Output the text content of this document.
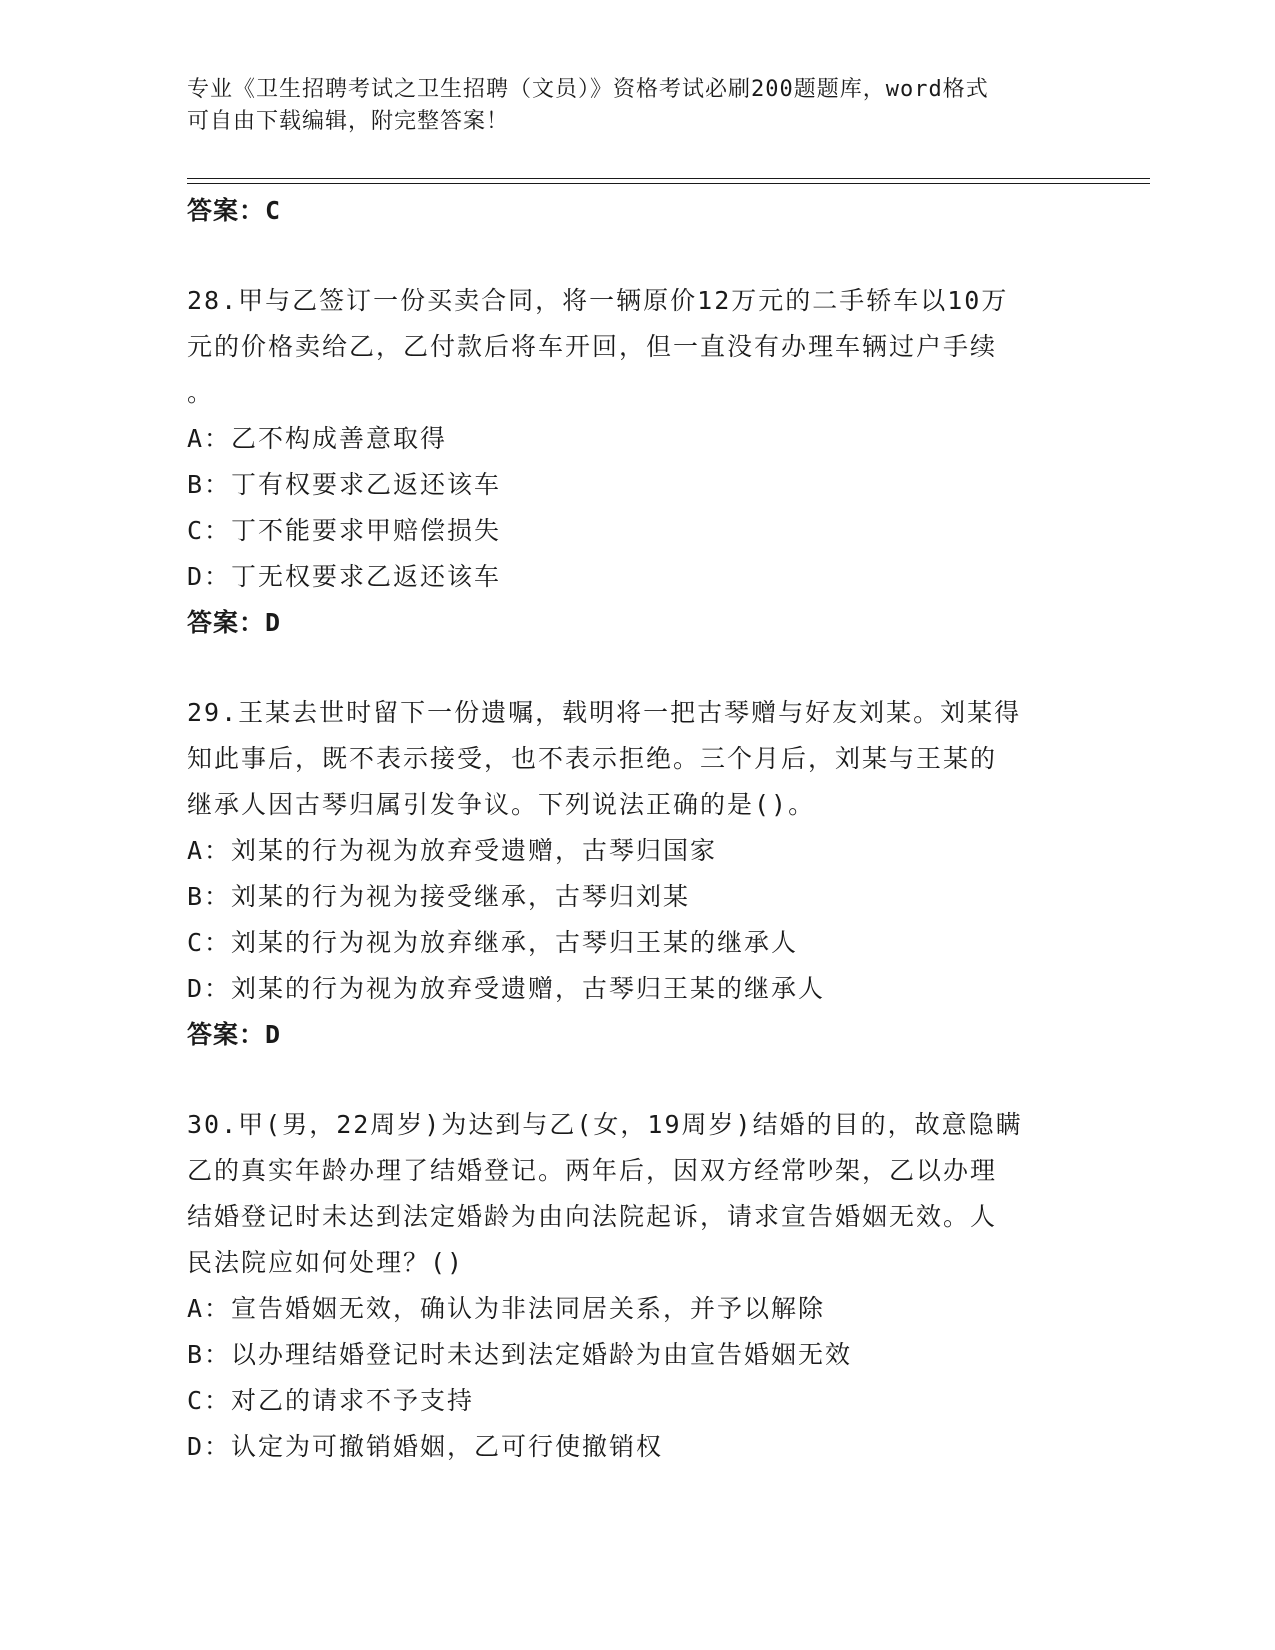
专业《卫生招聘考试之卫生招聘（文员）》资格考试必刷200题题库，word格式
可自由下载编辑，附完整答案！
答案：C
28.甲与乙签订一份买卖合同，将一辆原价12万元的二手轿车以10万
元的价格卖给乙，乙付款后将车开回，但一直没有办理车辆过户手续
。
A：乙不构成善意取得
B：丁有权要求乙返还该车
C：丁不能要求甲赔偿损失
D：丁无权要求乙返还该车
答案：D
29.王某去世时留下一份遗嘱，载明将一把古琴赠与好友刘某。刘某得
知此事后，既不表示接受，也不表示拒绝。三个月后，刘某与王某的
继承人因古琴归属引发争议。下列说法正确的是()。
A：刘某的行为视为放弃受遗赠，古琴归国家
B：刘某的行为视为接受继承，古琴归刘某
C：刘某的行为视为放弃继承，古琴归王某的继承人
D：刘某的行为视为放弃受遗赠，古琴归王某的继承人
答案：D
30.甲(男，22周岁)为达到与乙(女，19周岁)结婚的目的，故意隐瞒
乙的真实年龄办理了结婚登记。两年后，因双方经常吵架，乙以办理
结婚登记时未达到法定婚龄为由向法院起诉，请求宣告婚姻无效。人
民法院应如何处理？()
A：宣告婚姻无效，确认为非法同居关系，并予以解除
B：以办理结婚登记时未达到法定婚龄为由宣告婚姻无效
C：对乙的请求不予支持
D：认定为可撤销婚姻，乙可行使撤销权
